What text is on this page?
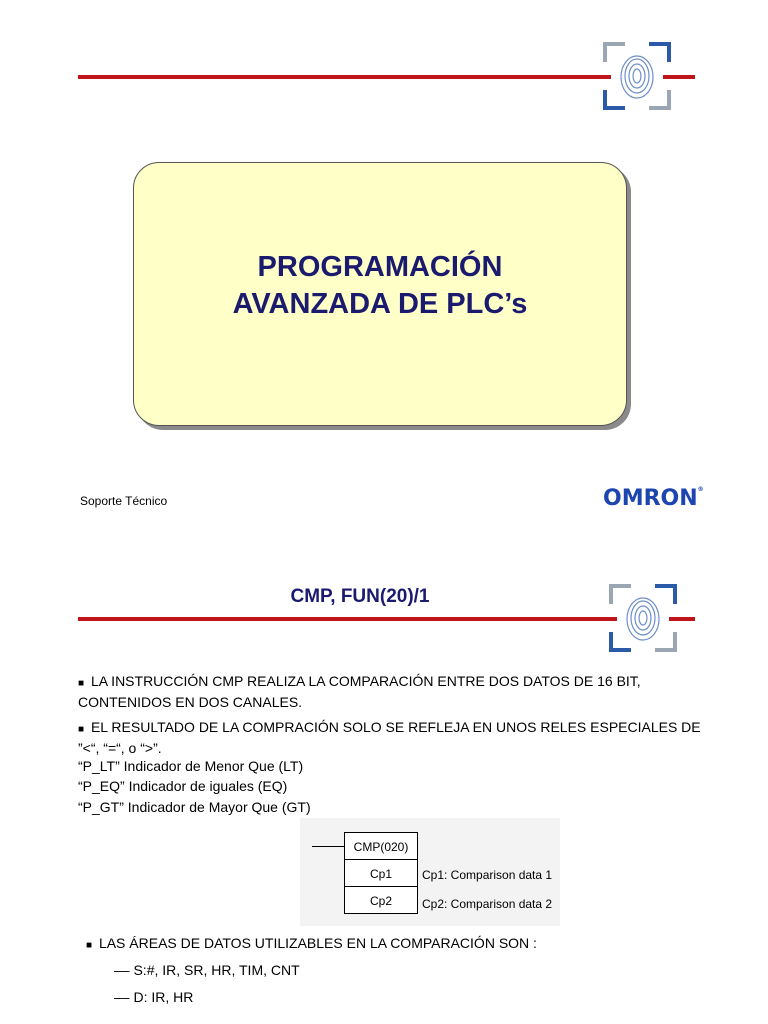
PROGRAMACIÓN
AVANZADA DE PLC’s
Soporte Técnico	OMRON®
CMP, FUN(20)/1
■ LA INSTRUCCIÓN CMP REALIZA LA COMPARACIÓN ENTRE DOS DATOS DE 16 BIT, CONTENIDOS EN DOS CANALES.
■ EL RESULTADO DE LA COMPRACIÓN SOLO SE REFLEJA EN UNOS RELES ESPECIALES DE ”<“, “=“, o “>”.
“P_LT” Indicador de Menor Que (LT)
“P_EQ” Indicador de iguales (EQ)
“P_GT” Indicador de Mayor Que (GT)
CMP(020)
Cp1
Cp2
Cp1: Comparison data 1
Cp2: Comparison data 2
■ LAS ÁREAS DE DATOS UTILIZABLES EN LA COMPARACIÓN SON :
–– S:#, IR, SR, HR, TIM, CNT
–– D: IR, HR
